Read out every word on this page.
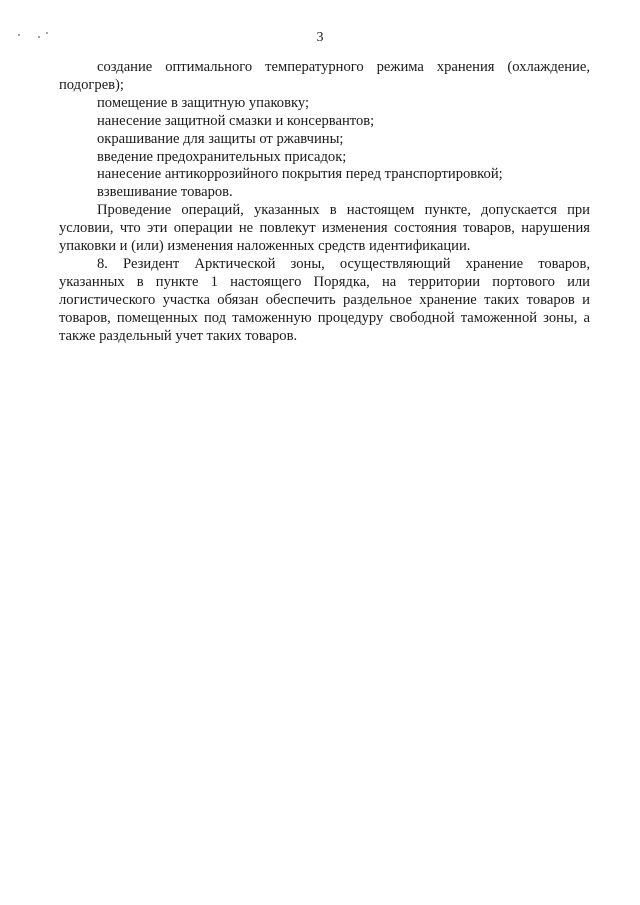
3

создание оптимального температурного режима хранения (охлаждение, подогрев);

помещение в защитную упаковку;

нанесение защитной смазки и консервантов;

окрашивание для защиты от ржавчины;

введение предохранительных присадок;

нанесение антикоррозийного покрытия перед транспортировкой;

взвешивание товаров.

Проведение операций, указанных в настоящем пункте, допускается при условии, что эти операции не повлекут изменения состояния товаров, нарушения упаковки и (или) изменения наложенных средств идентификации.

8. Резидент Арктической зоны, осуществляющий хранение товаров, указанных в пункте 1 настоящего Порядка, на территории портового или логистического участка обязан обеспечить раздельное хранение таких товаров и товаров, помещенных под таможенную процедуру свободной таможенной зоны, а также раздельный учет таких товаров.
